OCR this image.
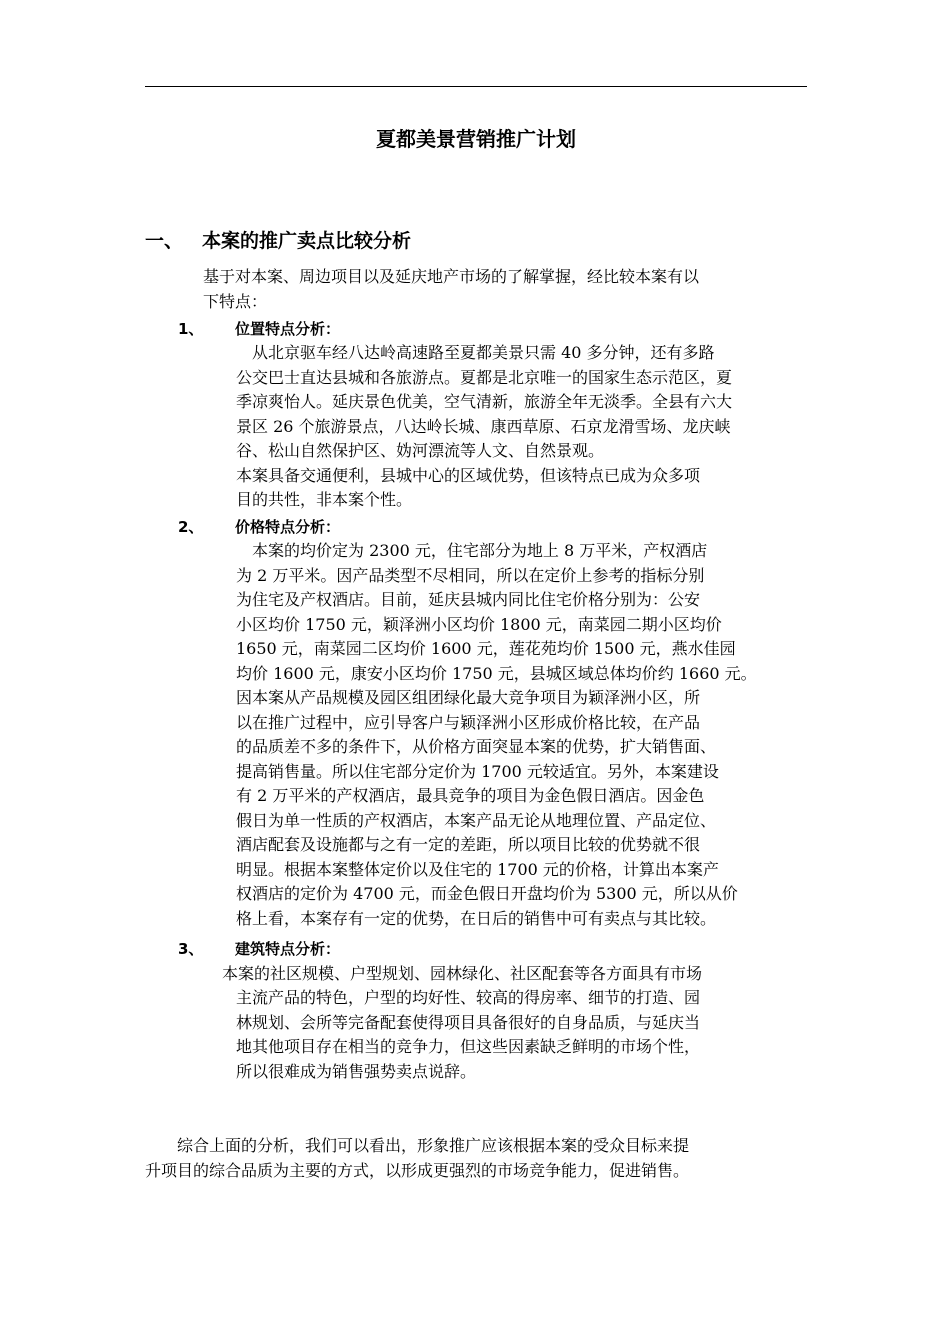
夏都美景营销推广计划
一、 本案的推广卖点比较分析
基于对本案、周边项目以及延庆地产市场的了解掌握，经比较本案有以
下特点：
1、 位置特点分析：
　从北京驱车经八达岭高速路至夏都美景只需 40 多分钟，还有多路
公交巴士直达县城和各旅游点。夏都是北京唯一的国家生态示范区，夏
季凉爽怡人。延庆景色优美，空气清新，旅游全年无淡季。全县有六大
景区 26 个旅游景点，八达岭长城、康西草原、石京龙滑雪场、龙庆峡
谷、松山自然保护区、妫河漂流等人文、自然景观。
本案具备交通便利，县城中心的区域优势，但该特点已成为众多项
目的共性，非本案个性。
2、 价格特点分析：
　本案的均价定为 2300 元，住宅部分为地上 8 万平米，产权酒店
为 2 万平米。因产品类型不尽相同，所以在定价上参考的指标分别
为住宅及产权酒店。目前，延庆县城内同比住宅价格分别为：公安
小区均价 1750 元，颖泽洲小区均价 1800 元，南菜园二期小区均价
1650 元，南菜园二区均价 1600 元，莲花苑均价 1500 元，燕水佳园
均价 1600 元，康安小区均价 1750 元，县城区域总体均价约 1660 元。
因本案从产品规模及园区组团绿化最大竞争项目为颖泽洲小区，所
以在推广过程中，应引导客户与颖泽洲小区形成价格比较，在产品
的品质差不多的条件下，从价格方面突显本案的优势，扩大销售面、
提高销售量。所以住宅部分定价为 1700 元较适宜。另外，本案建设
有 2 万平米的产权酒店，最具竞争的项目为金色假日酒店。因金色
假日为单一性质的产权酒店，本案产品无论从地理位置、产品定位、
酒店配套及设施都与之有一定的差距，所以项目比较的优势就不很
明显。根据本案整体定价以及住宅的 1700 元的价格，计算出本案产
权酒店的定价为 4700 元，而金色假日开盘均价为 5300 元，所以从价
格上看，本案存有一定的优势，在日后的销售中可有卖点与其比较。
3、 建筑特点分析：
本案的社区规模、户型规划、园林绿化、社区配套等各方面具有市场
主流产品的特色，户型的均好性、较高的得房率、细节的打造、园
林规划、会所等完备配套使得项目具备很好的自身品质，与延庆当
地其他项目存在相当的竞争力，但这些因素缺乏鲜明的市场个性，
所以很难成为销售强势卖点说辞。
　　综合上面的分析，我们可以看出，形象推广应该根据本案的受众目标来提
升项目的综合品质为主要的方式，以形成更强烈的市场竞争能力，促进销售。
